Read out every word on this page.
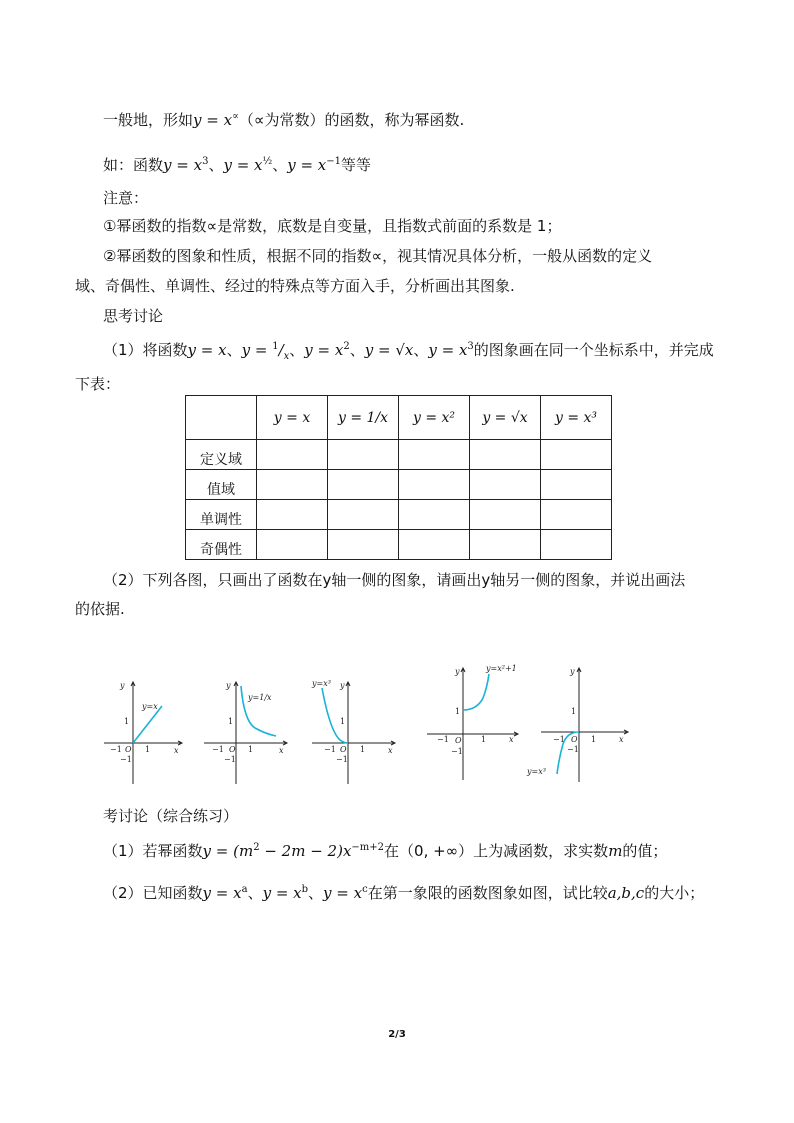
一般地，形如y = x∝（∝为常数）的函数，称为幂函数.
如：函数$y = x^3$、$y = x^{\frac{1}{2}}$、$y = x^{-1}$等等
注意：
①幂函数的指数∝是常数，底数是自变量，且指数式前面的系数是 1；
②幂函数的图象和性质，根据不同的指数∝，视其情况具体分析，一般从函数的定义
域、奇偶性、单调性、经过的特殊点等方面入手，分析画出其图象.
思考讨论
（1）将函数y = x、$y = ^1/_x$、$y = x^2$、y = √x、$y = x^3$的图象画在同一个坐标系中，并完成
下表：
	y = x	y = 1/x	y = x²	y = √x	y = x³
定义域					
值域					
单调性					
奇偶性					
（2）下列各图，只画出了函数在y轴一侧的图象，请画出y轴另一侧的图象，并说出画法
的依据.
y
x
O
1
−1	1
−1
y=x
y
x
O
1
−1	1
−1
y=1/x
y
x
O
1
−1	1
−1
y=x³
y
x
O
1
−1	1
−1
y=x²+1	y
x
O
1
−1	1
−1
y=x³
考讨论（综合练习）
（1）若幂函数$y = (m^2 - 2m - 2)x^{-m+2}$在（0, +∞）上为减函数，求实数m的值；
（2）已知函数$y = x^a$、$y = x^b$、$y = x^c$在第一象限的函数图象如图，试比较a,b,c的大小；
2/3
